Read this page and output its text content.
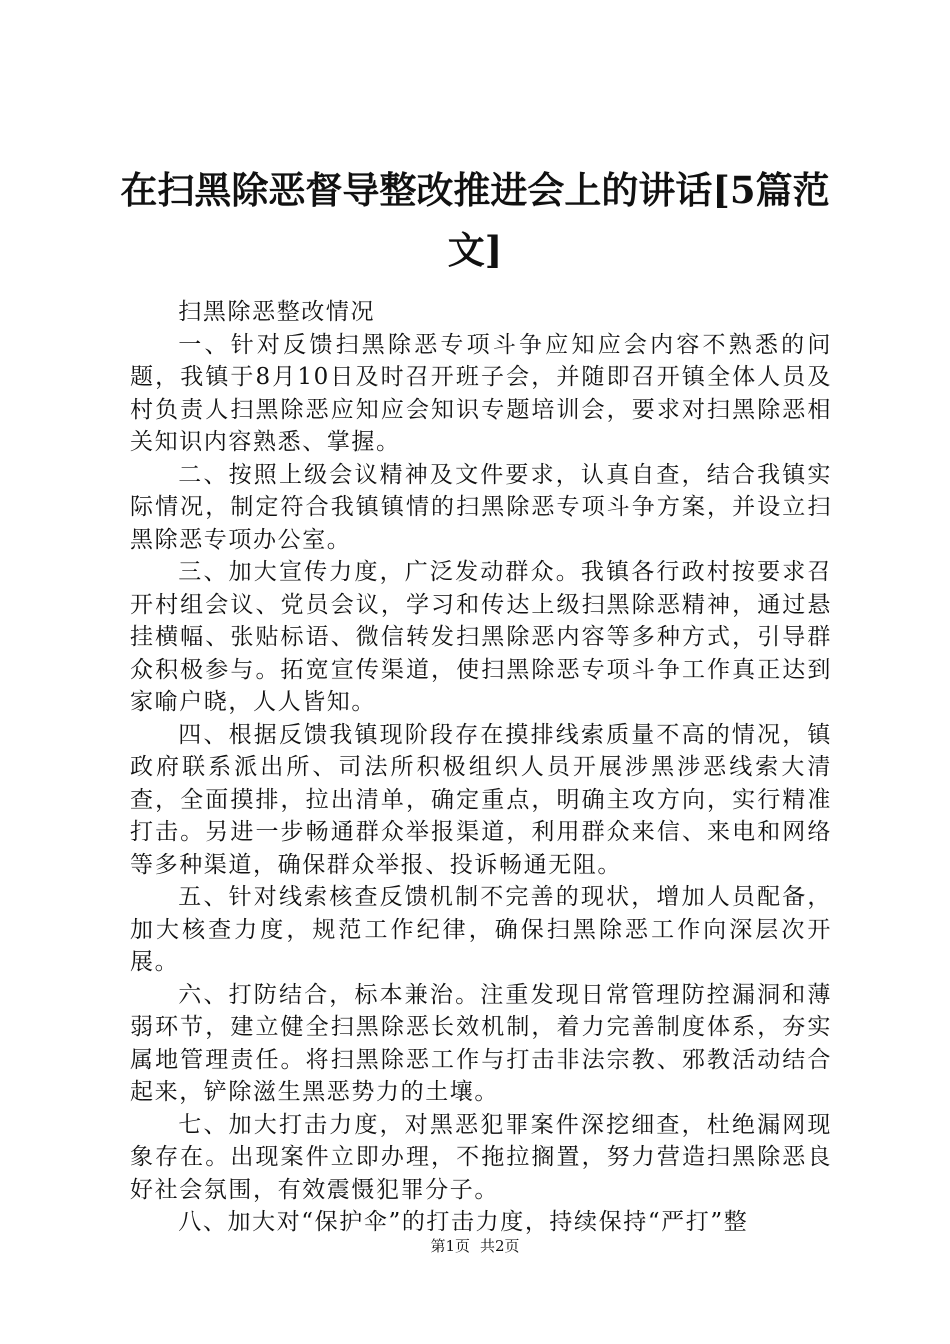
在扫黑除恶督导整改推进会上的讲话[5篇范
文]

扫黑除恶整改情况

一、针对反馈扫黑除恶专项斗争应知应会内容不熟悉的问题，我镇于8月10日及时召开班子会，并随即召开镇全体人员及村负责人扫黑除恶应知应会知识专题培训会，要求对扫黑除恶相关知识内容熟悉、掌握。

二、按照上级会议精神及文件要求，认真自查，结合我镇实际情况，制定符合我镇镇情的扫黑除恶专项斗争方案，并设立扫黑除恶专项办公室。

三、加大宣传力度，广泛发动群众。我镇各行政村按要求召开村组会议、党员会议，学习和传达上级扫黑除恶精神，通过悬挂横幅、张贴标语、微信转发扫黑除恶内容等多种方式，引导群众积极参与。拓宽宣传渠道，使扫黑除恶专项斗争工作真正达到家喻户晓，人人皆知。

四、根据反馈我镇现阶段存在摸排线索质量不高的情况，镇政府联系派出所、司法所积极组织人员开展涉黑涉恶线索大清查，全面摸排，拉出清单，确定重点，明确主攻方向，实行精准打击。另进一步畅通群众举报渠道，利用群众来信、来电和网络等多种渠道，确保群众举报、投诉畅通无阻。

五、针对线索核查反馈机制不完善的现状，增加人员配备，加大核查力度，规范工作纪律，确保扫黑除恶工作向深层次开展。

六、打防结合，标本兼治。注重发现日常管理防控漏洞和薄弱环节，建立健全扫黑除恶长效机制，着力完善制度体系，夯实属地管理责任。将扫黑除恶工作与打击非法宗教、邪教活动结合起来，铲除滋生黑恶势力的土壤。

七、加大打击力度，对黑恶犯罪案件深挖细查，杜绝漏网现象存在。出现案件立即办理，不拖拉搁置，努力营造扫黑除恶良好社会氛围，有效震慑犯罪分子。

八、加大对“保护伞”的打击力度，持续保持“严打”整

第1页 共2页
